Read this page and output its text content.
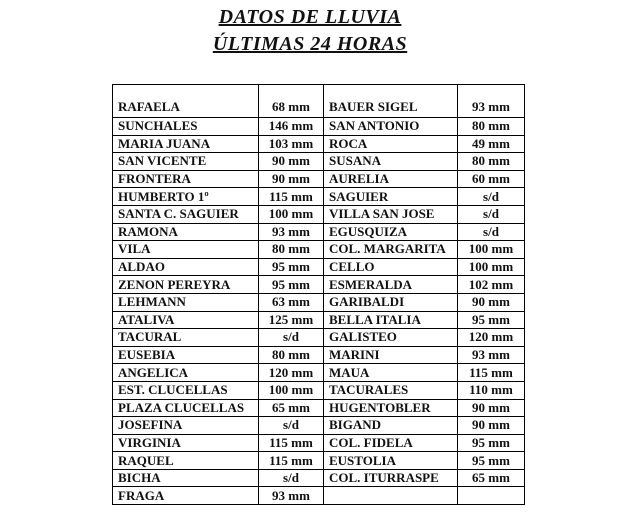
DATOS DE LLUVIA
ÚLTIMAS 24 HORAS
RAFAELA	68 mm	BAUER SIGEL	93 mm
SUNCHALES	146 mm	SAN ANTONIO	80 mm
MARIA JUANA	103 mm	ROCA	49 mm
SAN VICENTE	90 mm	SUSANA	80 mm
FRONTERA	90 mm	AURELIA	60 mm
HUMBERTO 1º	115 mm	SAGUIER	s/d
SANTA C. SAGUIER	100 mm	VILLA SAN JOSE	s/d
RAMONA	93 mm	EGUSQUIZA	s/d
VILA	80 mm	COL. MARGARITA	100 mm
ALDAO	95 mm	CELLO	100 mm
ZENON PEREYRA	95 mm	ESMERALDA	102 mm
LEHMANN	63 mm	GARIBALDI	90 mm
ATALIVA	125 mm	BELLA ITALIA	95 mm
TACURAL	s/d	GALISTEO	120 mm
EUSEBIA	80 mm	MARINI	93 mm
ANGELICA	120 mm	MAUA	115 mm
EST. CLUCELLAS	100 mm	TACURALES	110 mm
PLAZA CLUCELLAS	65 mm	HUGENTOBLER	90 mm
JOSEFINA	s/d	BIGAND	90 mm
VIRGINIA	115 mm	COL. FIDELA	95 mm
RAQUEL	115 mm	EUSTOLIA	95 mm
BICHA	s/d	COL. ITURRASPE	65 mm
FRAGA	93 mm		
